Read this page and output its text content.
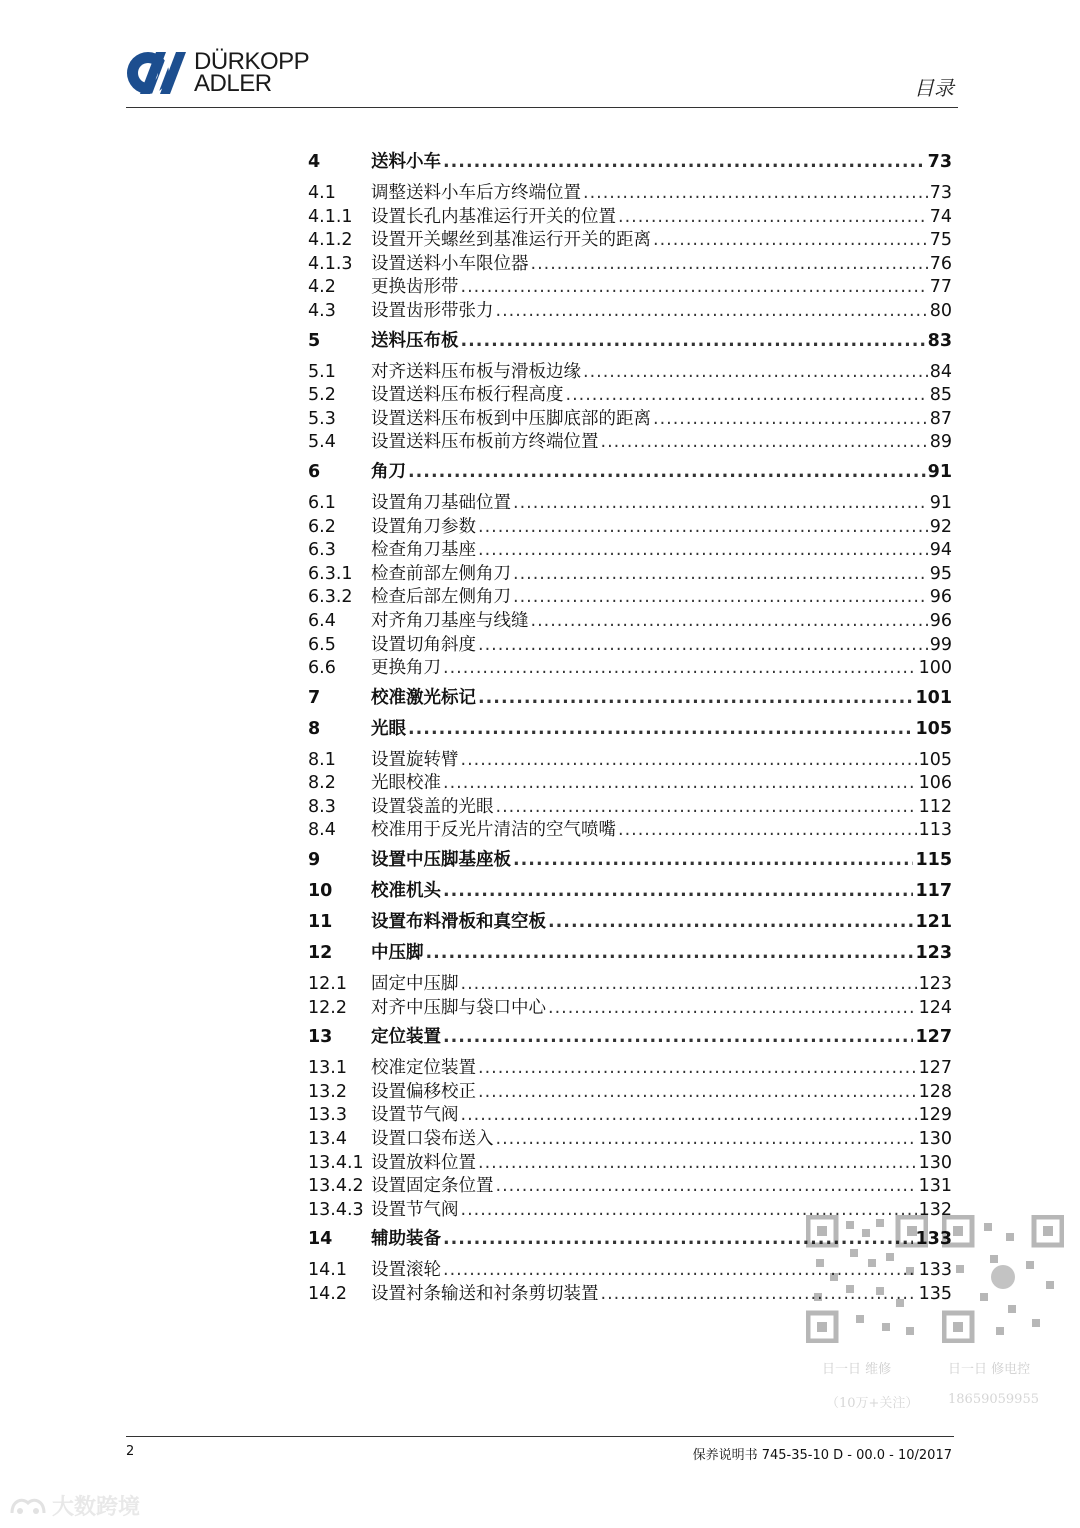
DÜRKOPP
ADLER	目录
4	送料小车 .....	73
4.1	调整送料小车后方终端位置 .....	73
4.1.1	设置长孔内基准运行开关的位置 .....	74
4.1.2	设置开关螺丝到基准运行开关的距离 .....	75
4.1.3	设置送料小车限位器 .....	76
4.2	更换齿形带 .....	77
4.3	设置齿形带张力 .....	80
5	送料压布板 .....	83
5.1	对齐送料压布板与滑板边缘 .....	84
5.2	设置送料压布板行程高度 .....	85
5.3	设置送料压布板到中压脚底部的距离 .....	87
5.4	设置送料压布板前方终端位置 .....	89
6	角刀 .....	91
6.1	设置角刀基础位置 .....	91
6.2	设置角刀参数 .....	92
6.3	检查角刀基座 .....	94
6.3.1	检查前部左侧角刀 .....	95
6.3.2	检查后部左侧角刀 .....	96
6.4	对齐角刀基座与线缝 .....	96
6.5	设置切角斜度 .....	99
6.6	更换角刀 .....	100
7	校准激光标记 .....	101
8	光眼 .....	105
8.1	设置旋转臂 .....	105
8.2	光眼校准 .....	106
8.3	设置袋盖的光眼 .....	112
8.4	校准用于反光片清洁的空气喷嘴 .....	113
9	设置中压脚基座板 .....	115
10	校准机头 .....	117
11	设置布料滑板和真空板 .....	121
12	中压脚 .....	123
12.1	固定中压脚 .....	123
12.2	对齐中压脚与袋口中心 .....	124
13	定位装置 .....	127
13.1	校准定位装置 .....	127
13.2	设置偏移校正 .....	128
13.3	设置节气阀 .....	129
13.4	设置口袋布送入 .....	130
13.4.1 设置放料位置 .....	130
13.4.2 设置固定条位置 .....	131
13.4.3 设置节气阀 .....	132
14	辅助装备 .....	133
14.1	设置滚轮 .....	133
14.2	设置衬条输送和衬条剪切装置 .....	135
日一日 维修	日一日 修电控
（10万+关注） 18659059955
2	保养说明书 745-35-10 D - 00.0 - 10/2017
大数跨境
